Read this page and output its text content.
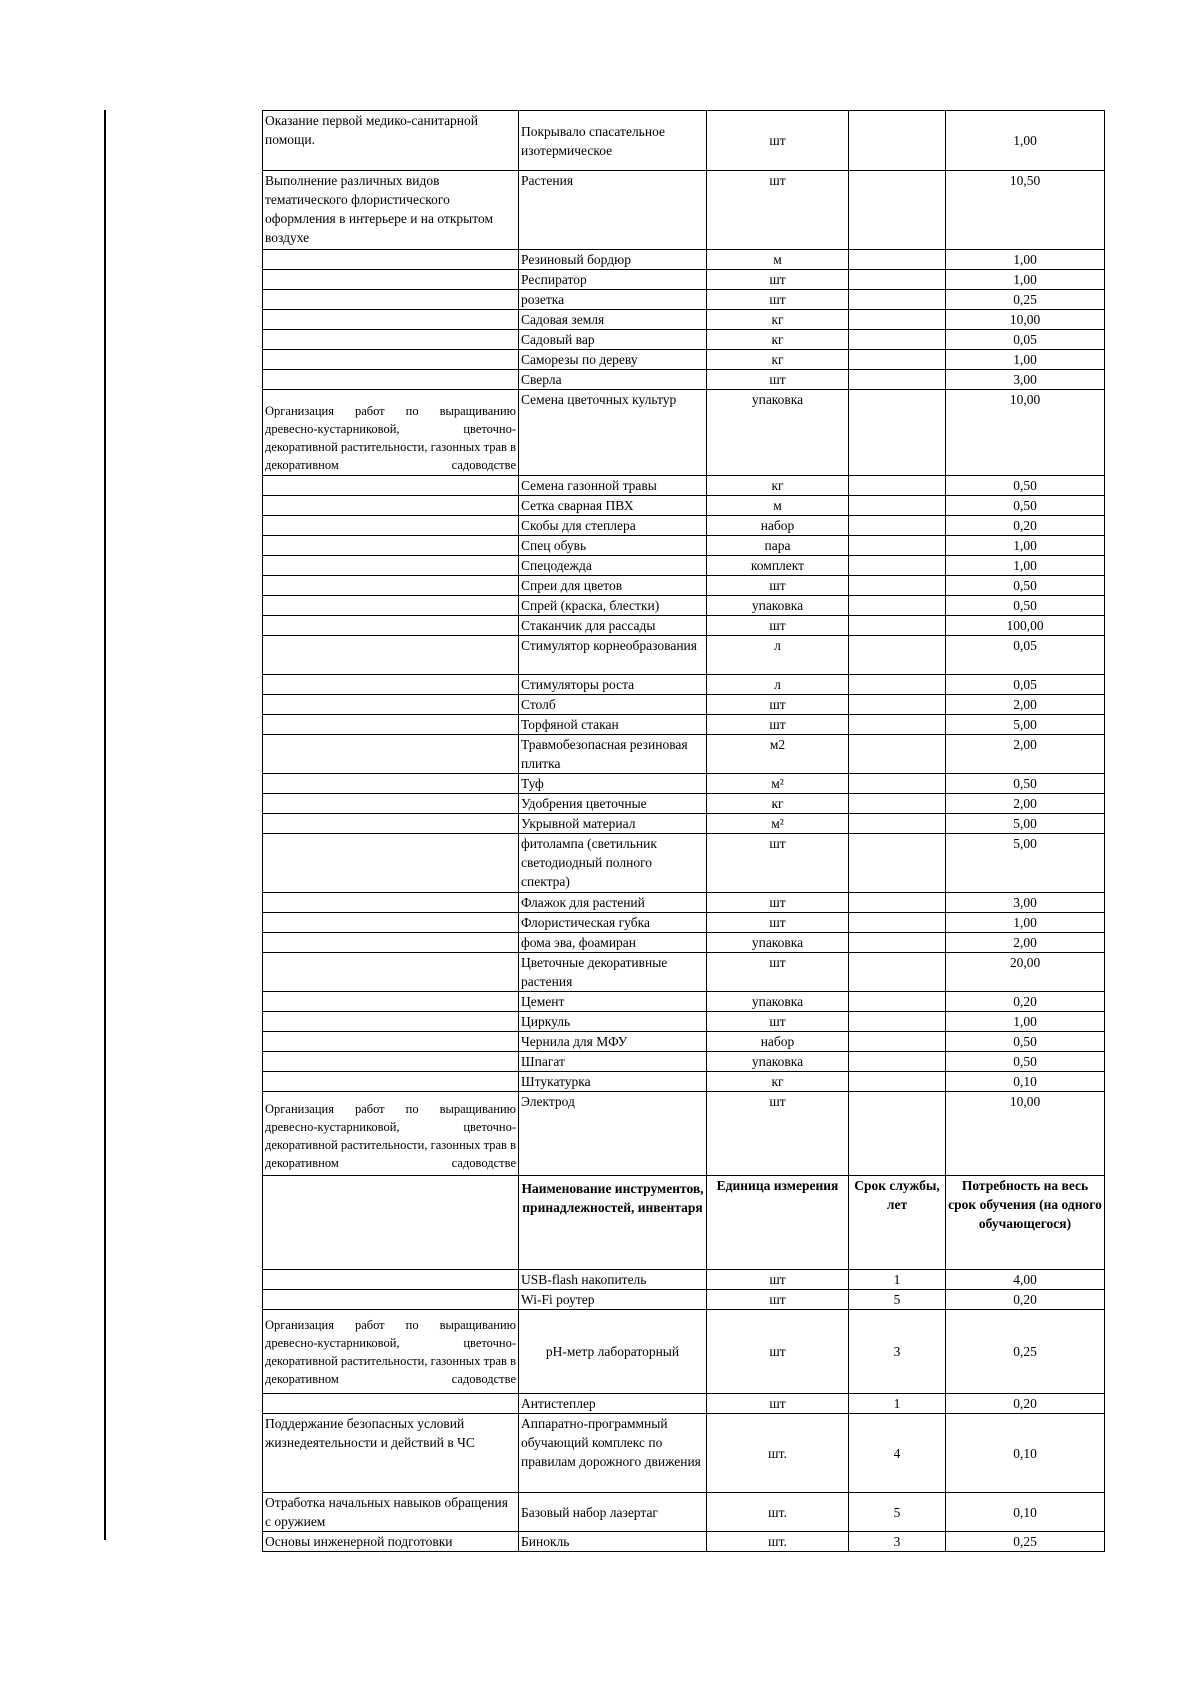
Оказание первой медико-санитарной помощи.	Покрывало спасательное изотермическое	шт		1,00
Выполнение различных видов тематического флористического оформления в интерьере и на открытом воздухе	Растения	шт		10,50
	Резиновый бордюр	м		1,00
	Респиратор	шт		1,00
	розетка	шт		0,25
	Садовая земля	кг		10,00
	Садовый вар	кг		0,05
	Саморезы по дереву	кг		1,00
	Сверла	шт		3,00
Организация работ по выращиванию древесно-кустарниковой, цветочно-декоративной растительности, газонных трав в декоративном садоводстве	Семена цветочных культур	упаковка		10,00
	Семена газонной травы	кг		0,50
	Сетка сварная ПВХ	м		0,50
	Скобы для степлера	набор		0,20
	Спец обувь	пара		1,00
	Спецодежда	комплект		1,00
	Спреи для цветов	шт		0,50
	Спрей (краска, блестки)	упаковка		0,50
	Стаканчик для рассады	шт		100,00
	Стимулятор корнеобразования	л		0,05
	Стимуляторы роста	л		0,05
	Столб	шт		2,00
	Торфяной стакан	шт		5,00
	Травмобезопасная резиновая плитка	м2		2,00
	Туф	м²		0,50
	Удобрения цветочные	кг		2,00
	Укрывной материал	м²		5,00
	фитолампа (светильник светодиодный полного спектра)	шт		5,00
	Флажок для растений	шт		3,00
	Флористическая губка	шт		1,00
	фома эва, фоамиран	упаковка		2,00
	Цветочные декоративные растения	шт		20,00
	Цемент	упаковка		0,20
	Циркуль	шт		1,00
	Чернила для МФУ	набор		0,50
	Шпагат	упаковка		0,50
	Штукатурка	кг		0,10
Организация работ по выращиванию древесно-кустарниковой, цветочно-декоративной растительности, газонных трав в декоративном садоводстве	Электрод	шт		10,00
	Наименование инструментов, принадлежностей, инвентаря	Единица измерения	Срок службы, лет	Потребность на весь срок обучения (на одного обучающегося)
	USB-flash накопитель	шт	1	4,00
	Wi-Fi роутер	шт	5	0,20
Организация работ по выращиванию древесно-кустарниковой, цветочно-декоративной растительности, газонных трав в декоративном садоводстве	pH-метр лабораторный	шт	3	0,25
	Антистеплер	шт	1	0,20
Поддержание безопасных условий жизнедеятельности и действий в ЧС	Аппаратно-программный обучающий комплекс по правилам дорожного движения	шт.	4	0,10
Отработка начальных навыков обращения с оружием	Базовый набор лазертаг	шт.	5	0,10
Основы инженерной подготовки	Бинокль	шт.	3	0,25
